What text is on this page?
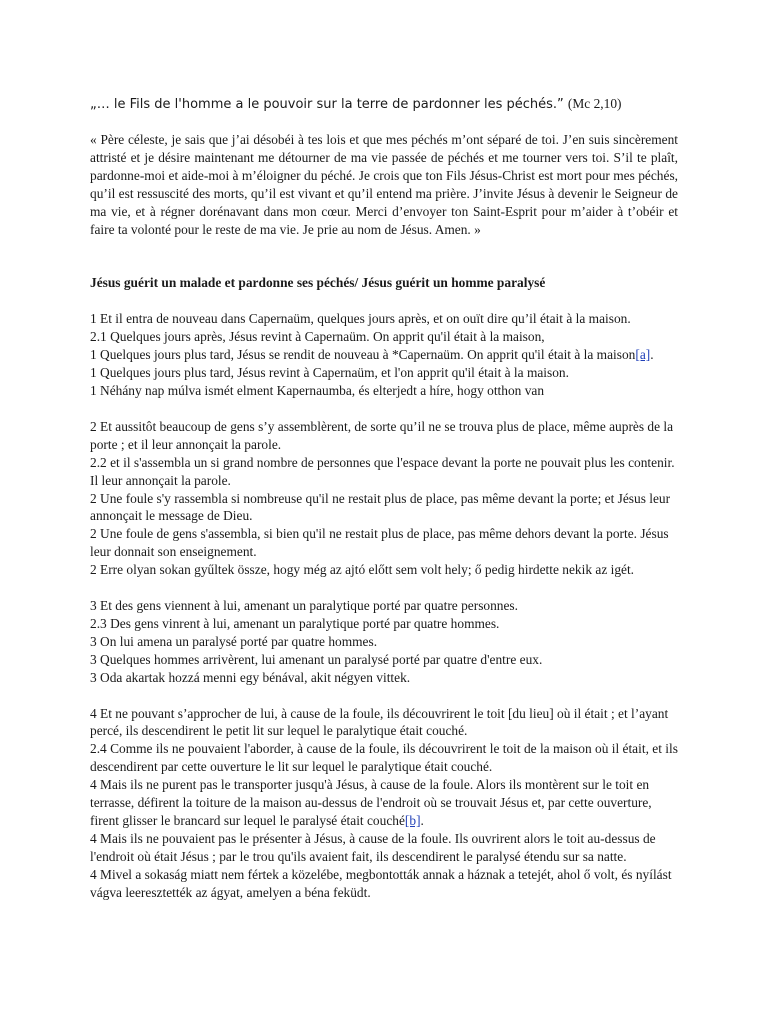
„… le Fils de l'homme a le pouvoir sur la terre de pardonner les péchés.” (Mc 2,10)

« Père céleste, je sais que j’ai désobéi à tes lois et que mes péchés m’ont séparé de toi. J’en suis sincèrement attristé et je désire maintenant me détourner de ma vie passée de péchés et me tourner vers toi. S’il te plaît, pardonne-moi et aide-moi à m’éloigner du péché. Je crois que ton Fils Jésus-Christ est mort pour mes péchés, qu’il est ressuscité des morts, qu’il est vivant et qu’il entend ma prière. J’invite Jésus à devenir le Seigneur de ma vie, et à régner dorénavant dans mon cœur. Merci d’envoyer ton Saint-Esprit pour m’aider à t’obéir et faire ta volonté pour le reste de ma vie. Je prie au nom de Jésus. Amen. »

Jésus guérit un malade et pardonne ses péchés/ Jésus guérit un homme paralysé

1 Et il entra de nouveau dans Capernaüm, quelques jours après, et on ouït dire qu’il était à la maison.

2.1 Quelques jours après, Jésus revint à Capernaüm. On apprit qu'il était à la maison,

1 Quelques jours plus tard, Jésus se rendit de nouveau à *Capernaüm. On apprit qu'il était à la maison[a].

1 Quelques jours plus tard, Jésus revint à Capernaüm, et l'on apprit qu'il était à la maison.

1 Néhány nap múlva ismét elment Kapernaumba, és elterjedt a híre, hogy otthon van

2 Et aussitôt beaucoup de gens s’y assemblèrent, de sorte qu’il ne se trouva plus de place, même auprès de la porte ; et il leur annonçait la parole.

2.2 et il s'assembla un si grand nombre de personnes que l'espace devant la porte ne pouvait plus les contenir. Il leur annonçait la parole.

2 Une foule s'y rassembla si nombreuse qu'il ne restait plus de place, pas même devant la porte; et Jésus leur annonçait le message de Dieu.

2 Une foule de gens s'assembla, si bien qu'il ne restait plus de place, pas même dehors devant la porte. Jésus leur donnait son enseignement.

2 Erre olyan sokan gyűltek össze, hogy még az ajtó előtt sem volt hely; ő pedig hirdette nekik az igét.

3 Et des gens viennent à lui, amenant un paralytique porté par quatre personnes.

2.3 Des gens vinrent à lui, amenant un paralytique porté par quatre hommes.

3 On lui amena un paralysé porté par quatre hommes.

3 Quelques hommes arrivèrent, lui amenant un paralysé porté par quatre d'entre eux.

3 Oda akartak hozzá menni egy bénával, akit négyen vittek.

4 Et ne pouvant s’approcher de lui, à cause de la foule, ils découvrirent le toit [du lieu] où il était ; et l’ayant percé, ils descendirent le petit lit sur lequel le paralytique était couché.

2.4 Comme ils ne pouvaient l'aborder, à cause de la foule, ils découvrirent le toit de la maison où il était, et ils descendirent par cette ouverture le lit sur lequel le paralytique était couché.

4 Mais ils ne purent pas le transporter jusqu'à Jésus, à cause de la foule. Alors ils montèrent sur le toit en terrasse, défirent la toiture de la maison au-dessus de l'endroit où se trouvait Jésus et, par cette ouverture, firent glisser le brancard sur lequel le paralysé était couché[b].

4 Mais ils ne pouvaient pas le présenter à Jésus, à cause de la foule. Ils ouvrirent alors le toit au-dessus de l'endroit où était Jésus ; par le trou qu'ils avaient fait, ils descendirent le paralysé étendu sur sa natte.

4 Mivel a sokaság miatt nem fértek a közelébe, megbontották annak a háznak a tetejét, ahol ő volt, és nyílást vágva leeresztették az ágyat, amelyen a béna feküdt.
